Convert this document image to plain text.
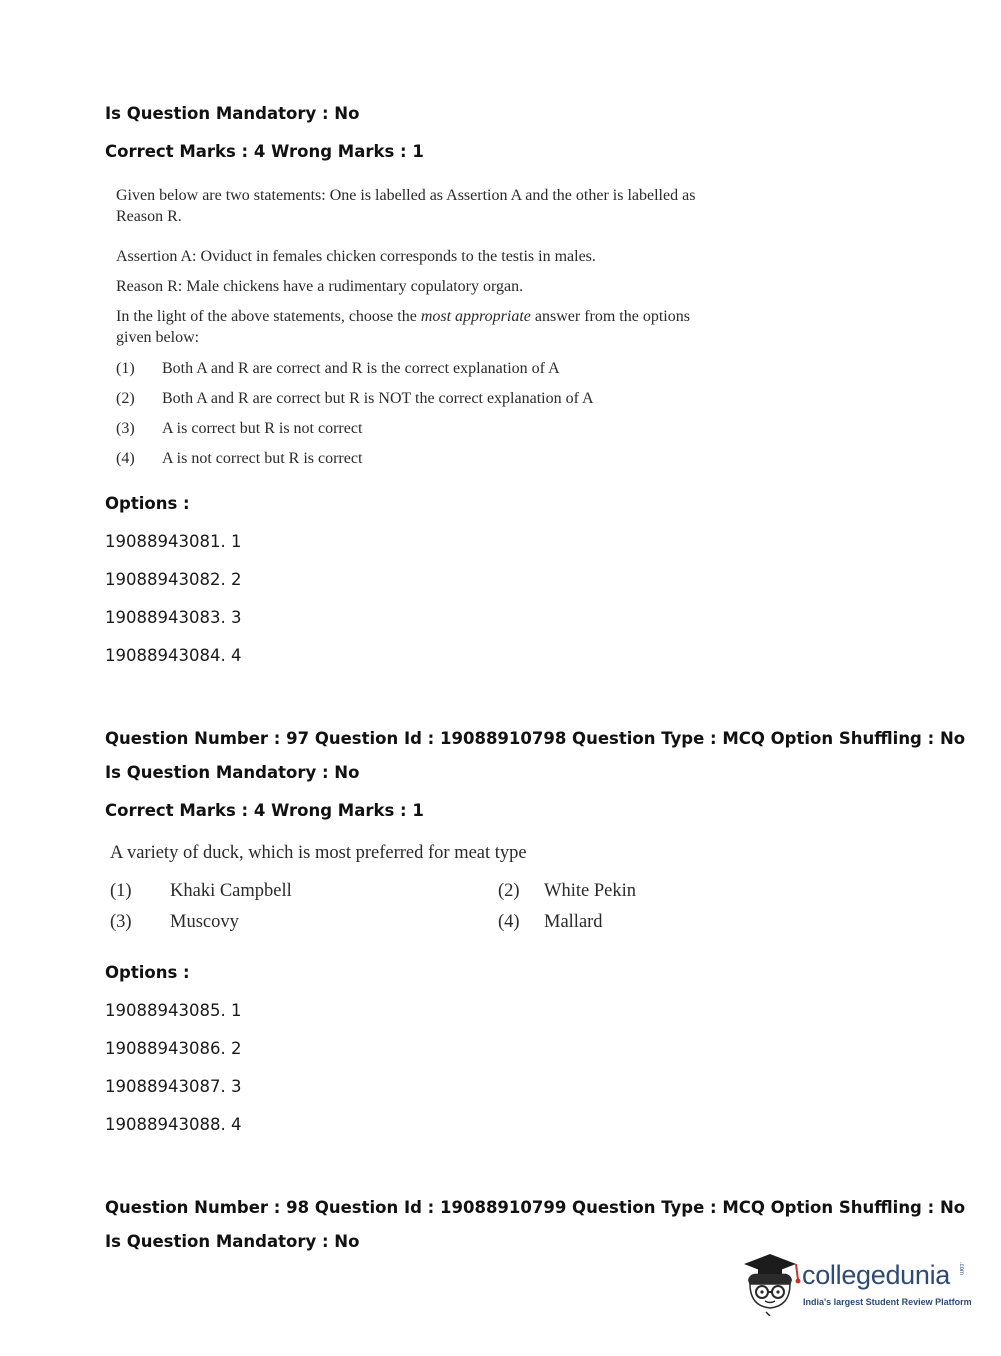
Is Question Mandatory : No
Correct Marks : 4 Wrong Marks : 1
Given below are two statements: One is labelled as Assertion A and the other is labelled as Reason R.
Assertion A: Oviduct in females chicken corresponds to the testis in males.
Reason R: Male chickens have a rudimentary copulatory organ.
In the light of the above statements, choose the most appropriate answer from the options given below:
(1) Both A and R are correct and R is the correct explanation of A
(2) Both A and R are correct but R is NOT the correct explanation of A
(3) A is correct but R is not correct
(4) A is not correct but R is correct
Options :
19088943081. 1
19088943082. 2
19088943083. 3
19088943084. 4
Question Number : 97 Question Id : 19088910798 Question Type : MCQ Option Shuffling : No
Is Question Mandatory : No
Correct Marks : 4 Wrong Marks : 1
A variety of duck, which is most preferred for meat type
(1) Khaki Campbell	(2) White Pekin
(3) Muscovy	(4) Mallard
Options :
19088943085. 1
19088943086. 2
19088943087. 3
19088943088. 4
Question Number : 98 Question Id : 19088910799 Question Type : MCQ Option Shuffling : No
Is Question Mandatory : No
collegedunia .com
India's largest Student Review Platform
